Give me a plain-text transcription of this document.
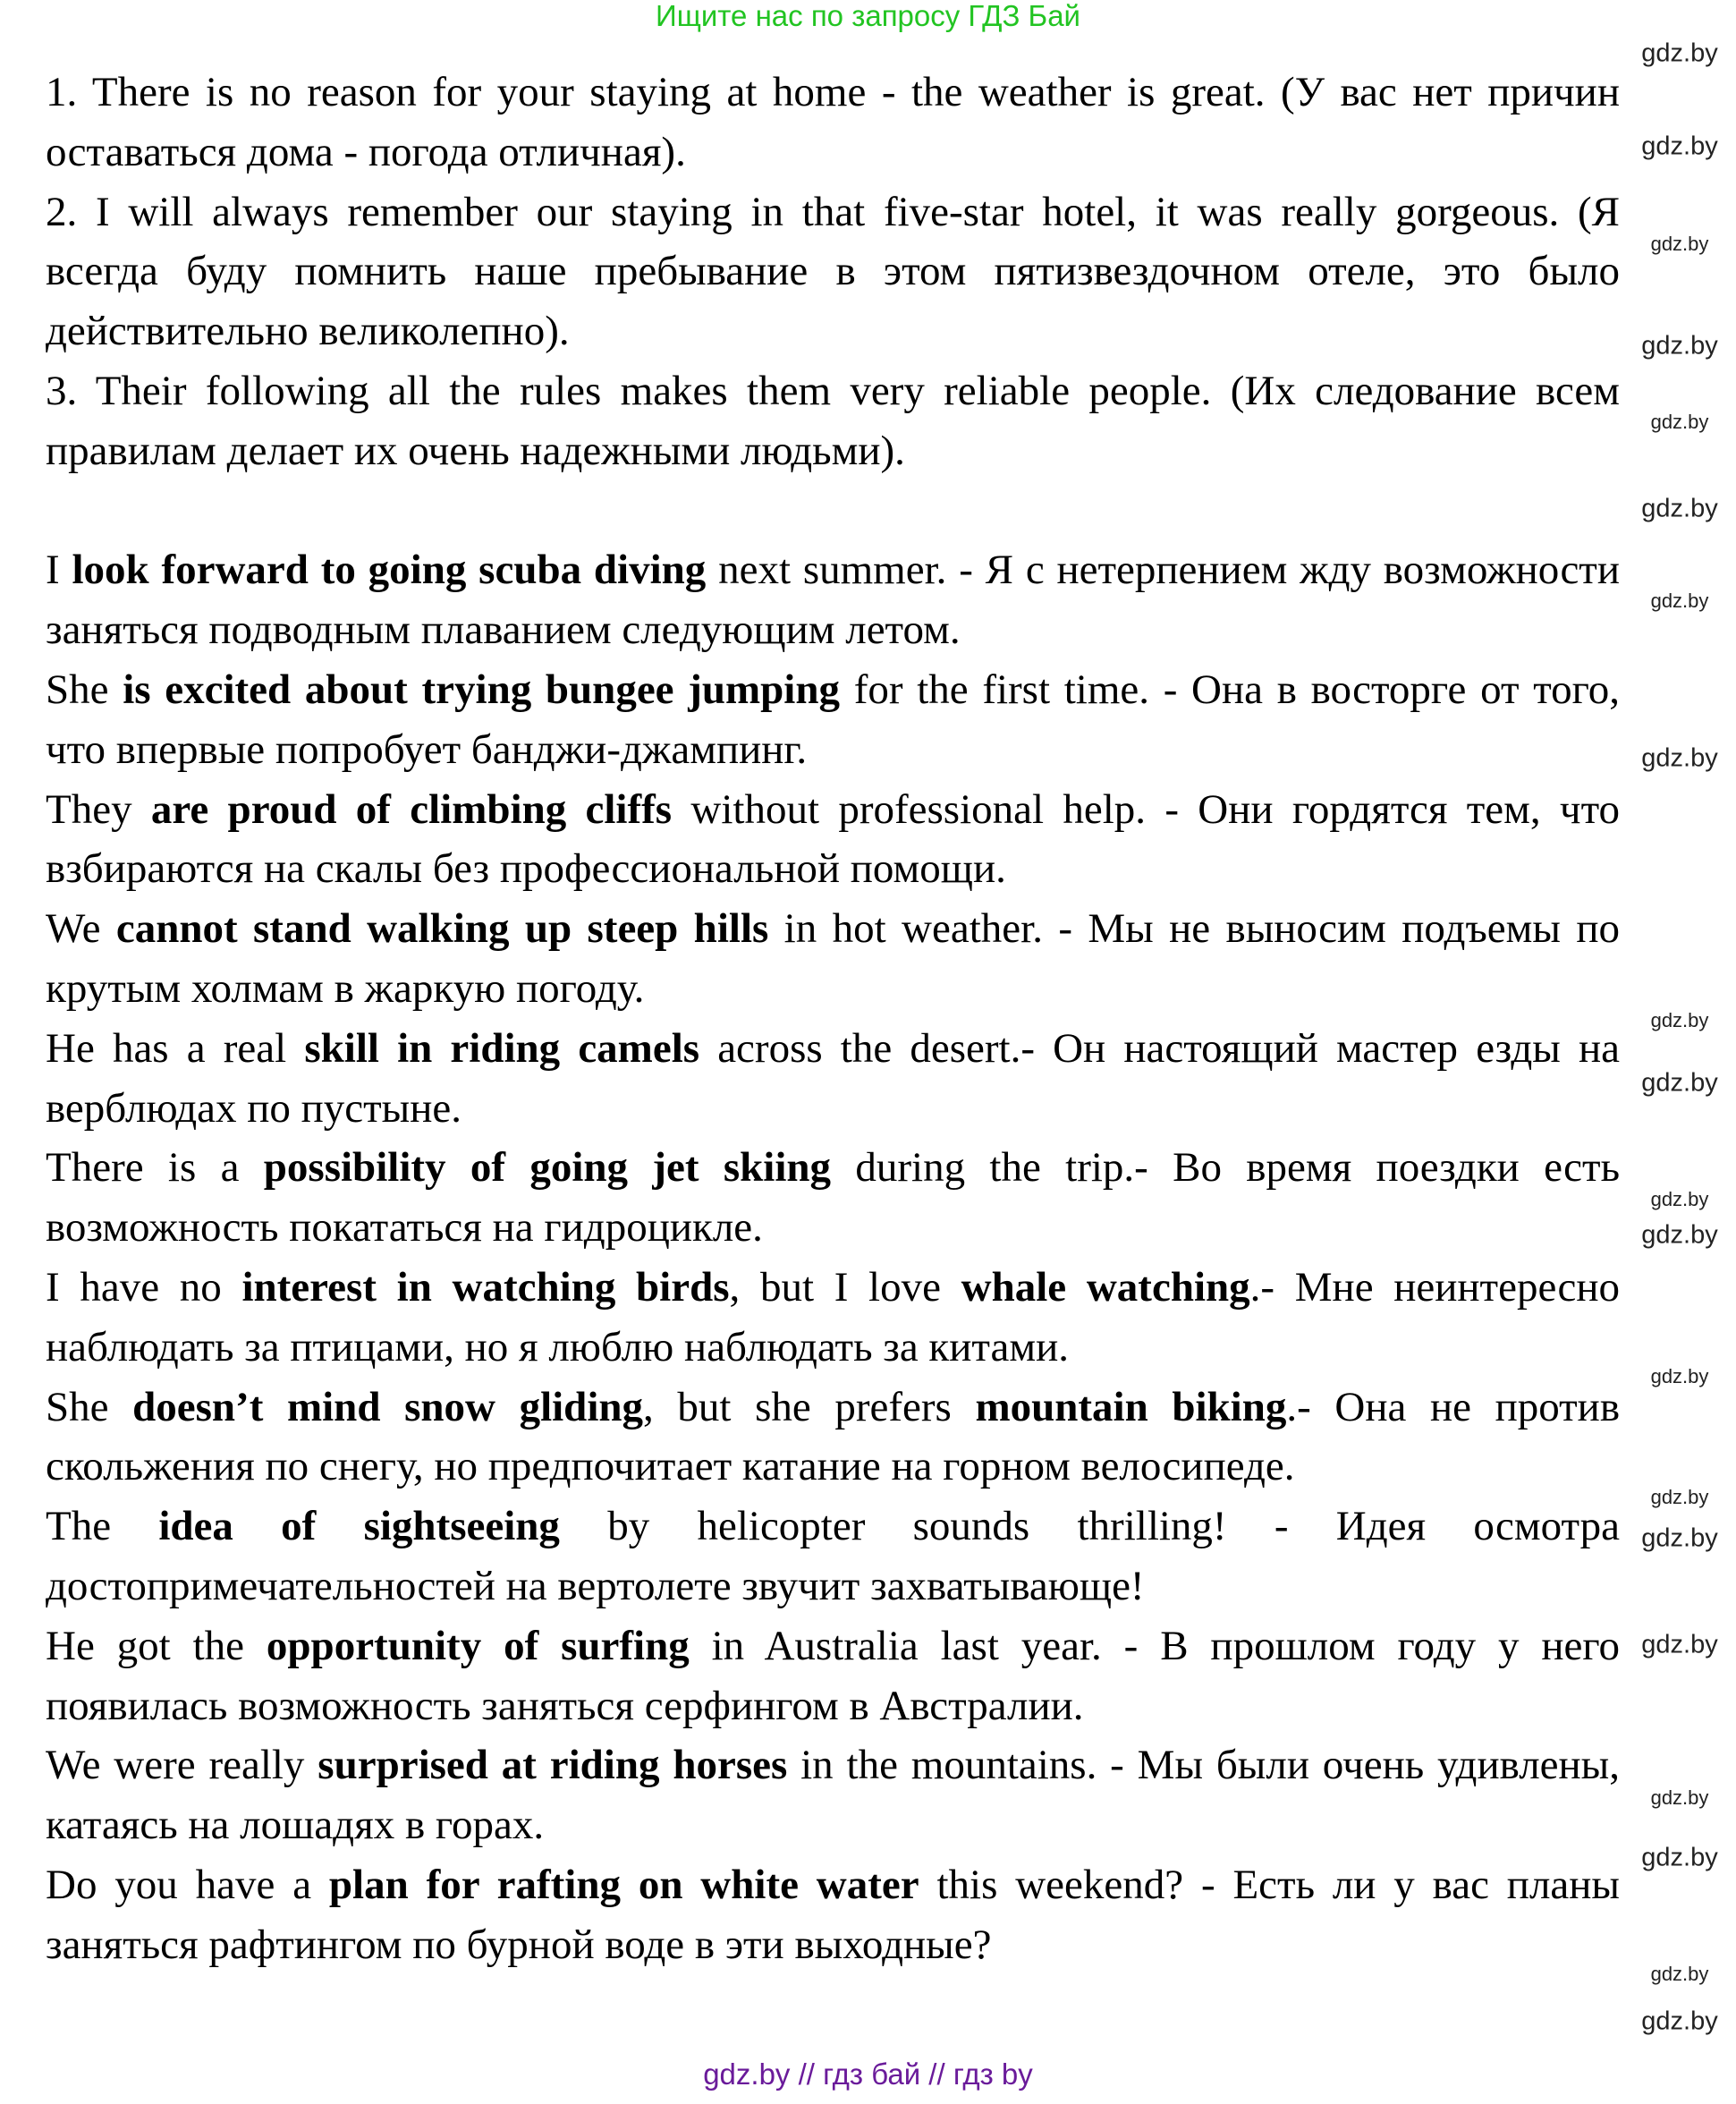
Ищите нас по запросу ГДЗ Бай

1. There is no reason for your staying at home - the weather is great. (У вас нет причин оставаться дома - погода отличная).

2. I will always remember our staying in that five-star hotel, it was really gorgeous. (Я всегда буду помнить наше пребывание в этом пятизвездочном отеле, это было действительно великолепно).

3. Their following all the rules makes them very reliable people. (Их следование всем правилам делает их очень надежными людьми).

I look forward to going scuba diving next summer. - Я с нетерпением жду возможности заняться подводным плаванием следующим летом.

She is excited about trying bungee jumping for the first time. - Она в восторге от того, что впервые попробует банджи-джампинг.

They are proud of climbing cliffs without professional help. - Они гордятся тем, что взбираются на скалы без профессиональной помощи.

We cannot stand walking up steep hills in hot weather. - Мы не выносим подъемы по крутым холмам в жаркую погоду.

He has a real skill in riding camels across the desert.- Он настоящий мастер езды на верблюдах по пустыне.

There is a possibility of going jet skiing during the trip.- Во время поездки есть возможность покататься на гидроцикле.

I have no interest in watching birds, but I love whale watching.- Мне неинтересно наблюдать за птицами, но я люблю наблюдать за китами.

She doesn’t mind snow gliding, but she prefers mountain biking.- Она не против скольжения по снегу, но предпочитает катание на горном велосипеде.

The idea of sightseeing by helicopter sounds thrilling! - Идея осмотра достопримечательностей на вертолете звучит захватывающе!

He got the opportunity of surfing in Australia last year. - В прошлом году у него появилась возможность заняться серфингом в Австралии.

We were really surprised at riding horses in the mountains. - Мы были очень удивлены, катаясь на лошадях в горах.

Do you have a plan for rafting on white water this weekend? - Есть ли у вас планы заняться рафтингом по бурной воде в эти выходные?

gdz.by // гдз бай // гдз by
gdz.by
gdz.by
gdz.by
gdz.by
gdz.by
gdz.by
gdz.by
gdz.by
gdz.by
gdz.by
gdz.by
gdz.by
gdz.by
gdz.by
gdz.by
gdz.by
gdz.by
gdz.by
gdz.by
gdz.by
